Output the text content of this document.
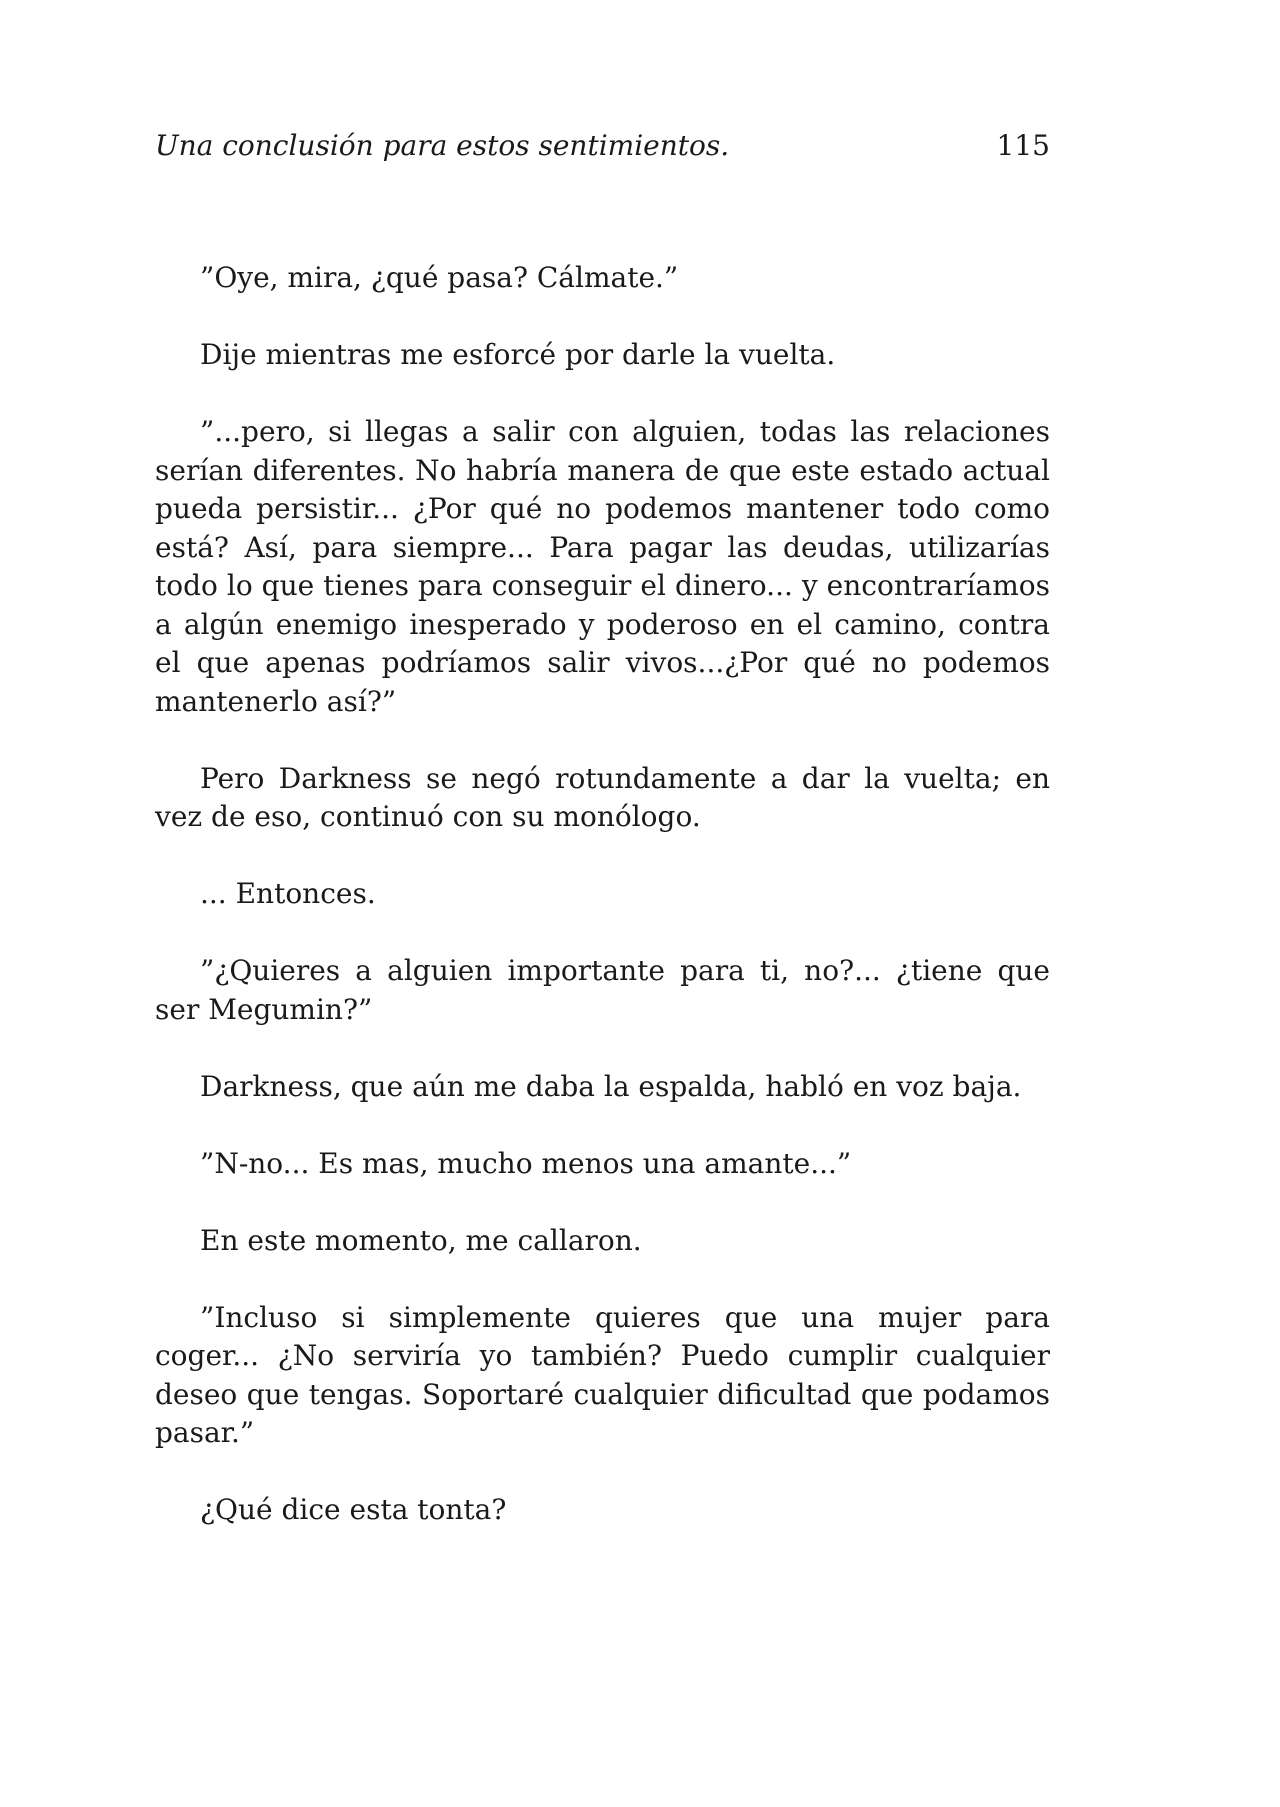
Una conclusión para estos sentimientos.	115

”Oye, mira, ¿qué pasa? Cálmate.”

Dije mientras me esforcé por darle la vuelta.

”...pero, si llegas a salir con alguien, todas las relaciones serían diferentes. No habría manera de que este estado actual pueda persistir... ¿Por qué no podemos mantener todo como está? Así, para siempre... Para pagar las deudas, utilizarías todo lo que tienes para conseguir el dinero... y encontraríamos a algún enemigo inesperado y poderoso en el camino, contra el que apenas podríamos salir vivos...¿Por qué no podemos mantenerlo así?”

Pero Darkness se negó rotundamente a dar la vuelta; en vez de eso, continuó con su monólogo.

... Entonces.

”¿Quieres a alguien importante para ti, no?... ¿tiene que ser Megumin?”

Darkness, que aún me daba la espalda, habló en voz baja.

”N-no... Es mas, mucho menos una amante...”

En este momento, me callaron.

”Incluso si simplemente quieres que una mujer para coger... ¿No serviría yo también? Puedo cumplir cualquier deseo que tengas. Soportaré cualquier dificultad que podamos pasar.”

¿Qué dice esta tonta?
